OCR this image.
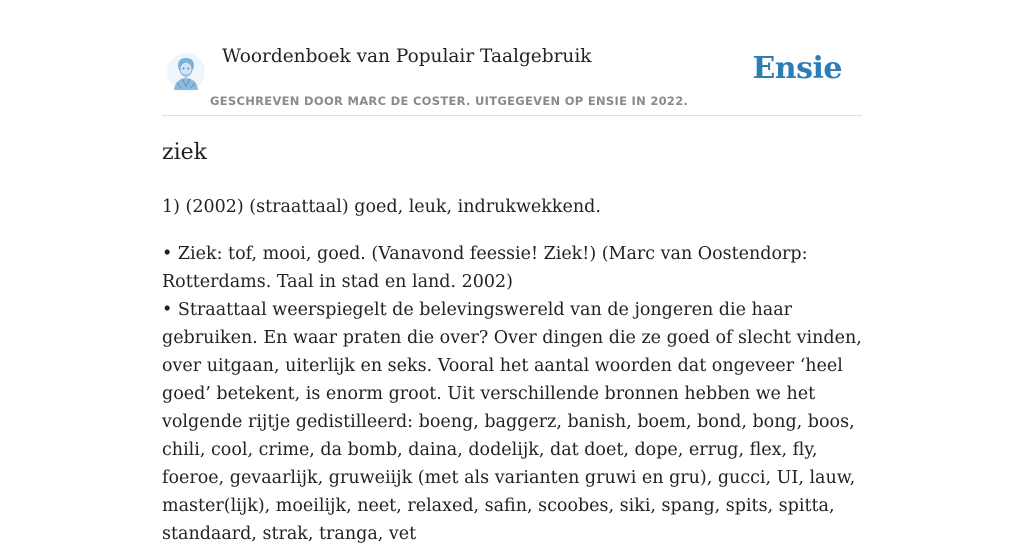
Woordenboek van Populair Taalgebruik
GESCHREVEN DOOR MARC DE COSTER. UITGEGEVEN OP ENSIE IN 2022.
Ensie
ziek

1) (2002) (straattaal) goed, leuk, indrukwekkend.

• Ziek: tof, mooi, goed. (Vanavond feessie! Ziek!) (Marc van Oostendorp: Rotterdams. Taal in stad en land. 2002)
• Straattaal weerspiegelt de belevingswereld van de jongeren die haar gebruiken. En waar praten die over? Over dingen die ze goed of slecht vinden, over uitgaan, uiterlijk en seks. Vooral het aantal woorden dat ongeveer ‘heel goed’ betekent, is enorm groot. Uit verschillende bronnen hebben we het volgende rijtje gedistilleerd: boeng, baggerz, banish, boem, bond, bong, boos, chili, cool, crime, da bomb, daina, dodelijk, dat doet, dope, errug, flex, fly, foeroe, gevaarlijk, gruweiijk (met als varianten gruwi en gru), gucci, UI, lauw, master(lijk), moeilijk, neet, relaxed, safin, scoobes, siki, spang, spits, spitta, standaard, strak, tranga, vet
